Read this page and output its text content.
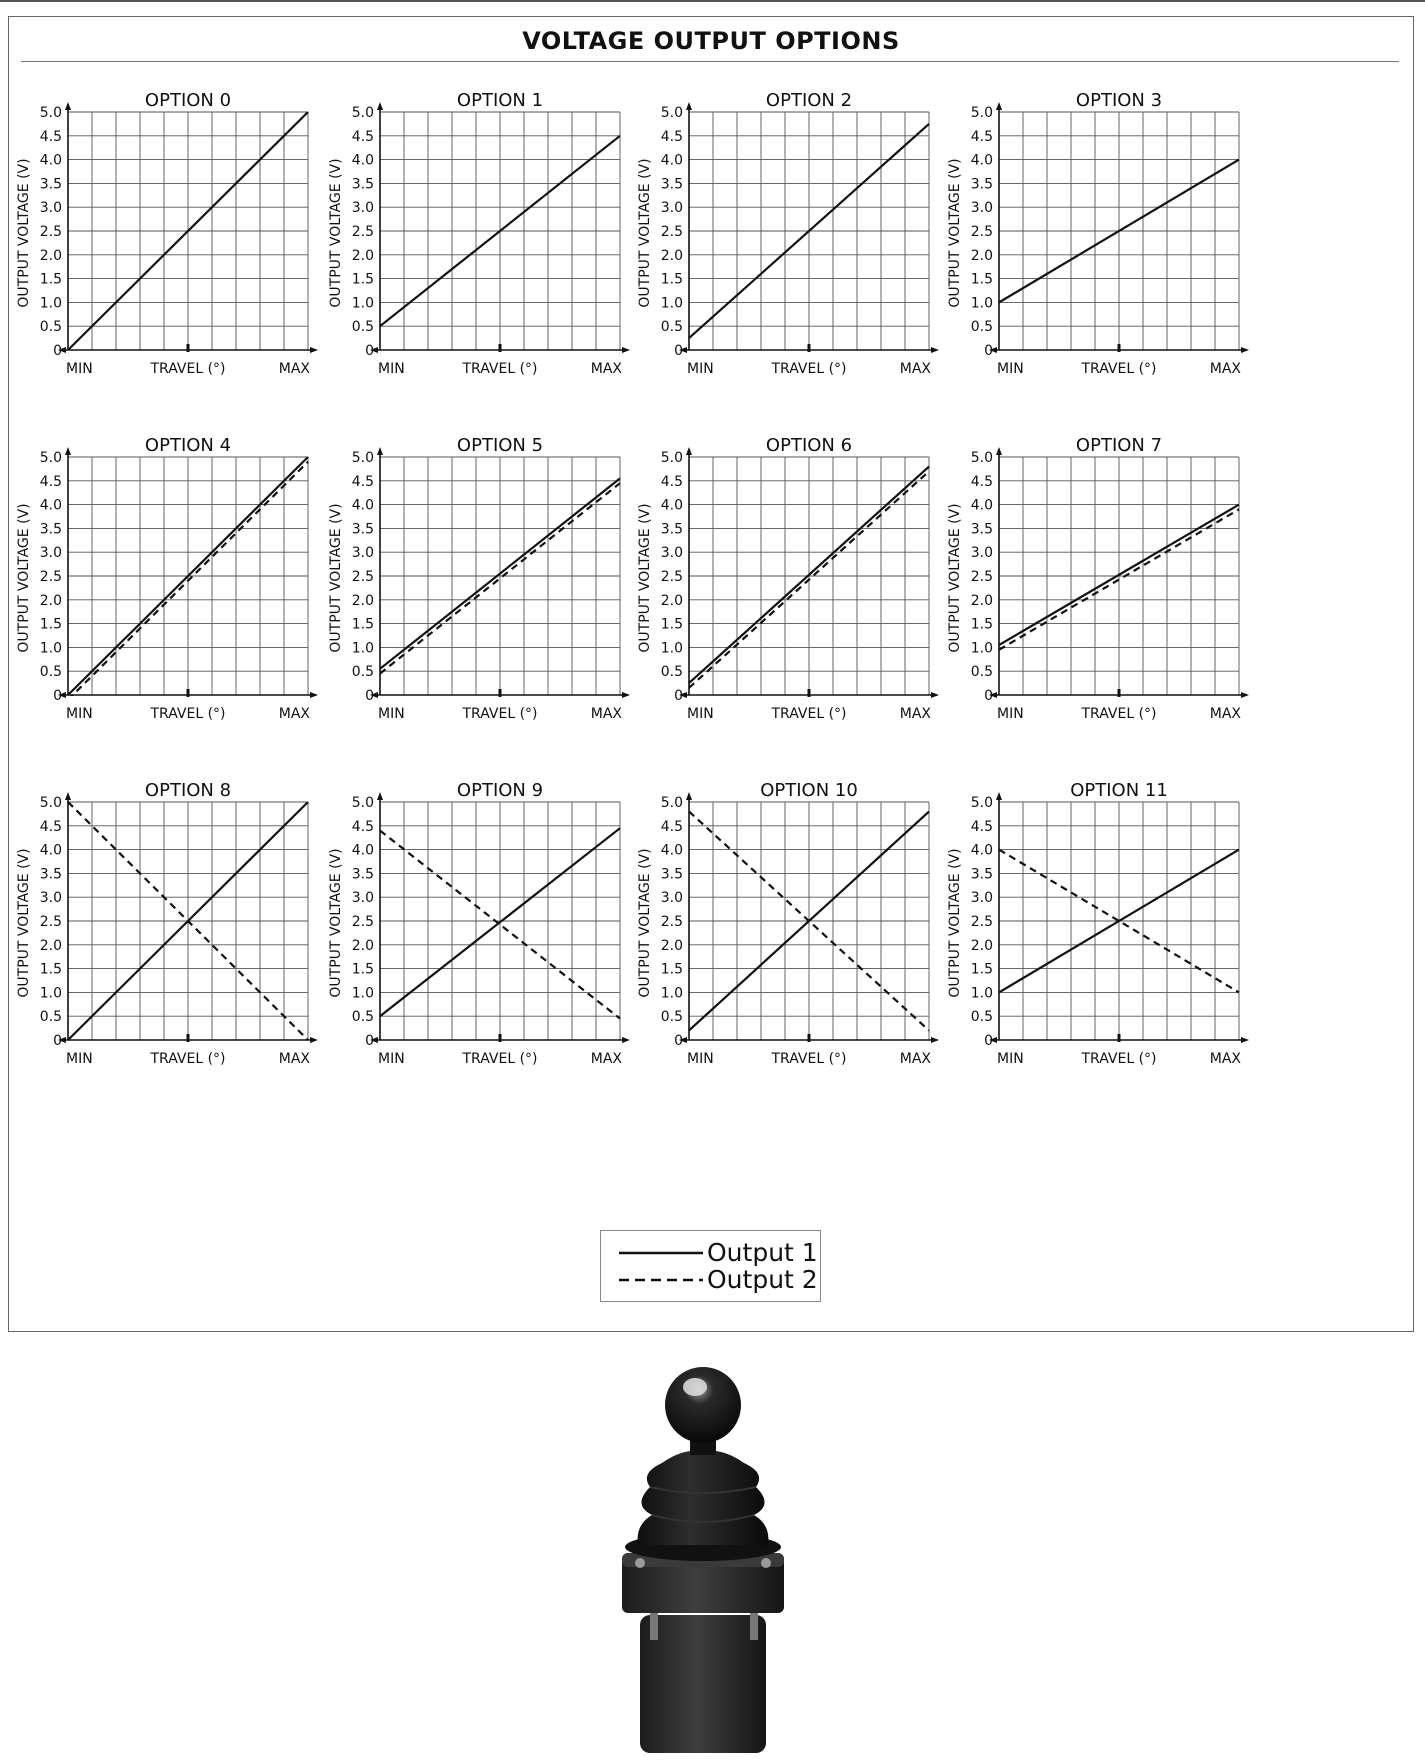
VOLTAGE OUTPUT OPTIONS
OPTION 0
0
0.5
1.0
1.5
2.0
2.5
3.0
3.5
4.0
4.5
5.0
MIN	TRAVEL (°)	MAX
OUTPUT VOLTAGE (V)
OPTION 1
0
0.5
1.0
1.5
2.0
2.5
3.0
3.5
4.0
4.5
5.0
MIN	TRAVEL (°)	MAX
OUTPUT VOLTAGE (V)
OPTION 2
0
0.5
1.0
1.5
2.0
2.5
3.0
3.5
4.0
4.5
5.0
MIN	TRAVEL (°)	MAX
OUTPUT VOLTAGE (V)
OPTION 3
0
0.5
1.0
1.5
2.0
2.5
3.0
3.5
4.0
4.5
5.0
MIN	TRAVEL (°)	MAX
OUTPUT VOLTAGE (V)
OPTION 4
0
0.5
1.0
1.5
2.0
2.5
3.0
3.5
4.0
4.5
5.0
MIN	TRAVEL (°)	MAX
OUTPUT VOLTAGE (V)
OPTION 5
0
0.5
1.0
1.5
2.0
2.5
3.0
3.5
4.0
4.5
5.0
MIN	TRAVEL (°)	MAX
OUTPUT VOLTAGE (V)
OPTION 6
0
0.5
1.0
1.5
2.0
2.5
3.0
3.5
4.0
4.5
5.0
MIN	TRAVEL (°)	MAX
OUTPUT VOLTAGE (V)
OPTION 7
0
0.5
1.0
1.5
2.0
2.5
3.0
3.5
4.0
4.5
5.0
MIN	TRAVEL (°)	MAX
OUTPUT VOLTAGE (V)
OPTION 8
0
0.5
1.0
1.5
2.0
2.5
3.0
3.5
4.0
4.5
5.0
MIN	TRAVEL (°)	MAX
OUTPUT VOLTAGE (V)
OPTION 9
0
0.5
1.0
1.5
2.0
2.5
3.0
3.5
4.0
4.5
5.0
MIN	TRAVEL (°)	MAX
OUTPUT VOLTAGE (V)
OPTION 10
0
0.5
1.0
1.5
2.0
2.5
3.0
3.5
4.0
4.5
5.0
MIN	TRAVEL (°)	MAX
OUTPUT VOLTAGE (V)
OPTION 11
0
0.5
1.0
1.5
2.0
2.5
3.0
3.5
4.0
4.5
5.0
MIN	TRAVEL (°)	MAX
OUTPUT VOLTAGE (V)
Output 1
Output 2
